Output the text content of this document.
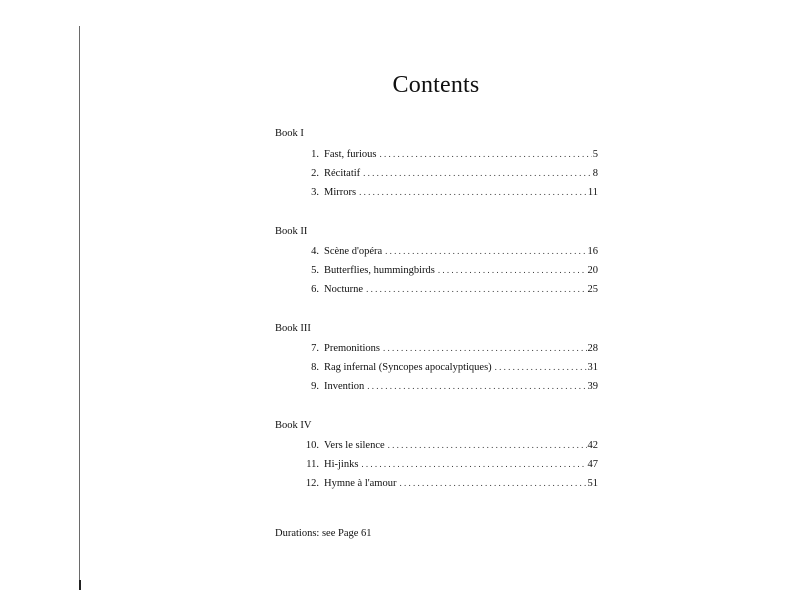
Contents
Book I
1. Fast, furious . . .	5
2. Récitatif . . .	8
3. Mirrors . . .	11
Book II
4. Scène d'opéra . . .	16
5. Butterflies, hummingbirds . . .	20
6. Nocturne . . .	25
Book III
7. Premonitions . . .	28
8. Rag infernal (Syncopes apocalyptiques) . . .	31
9. Invention . . .	39
Book IV
10. Vers le silence . . .	42
11. Hi-jinks . . .	47
12. Hymne à l'amour . . .	51
Durations: see Page 61
